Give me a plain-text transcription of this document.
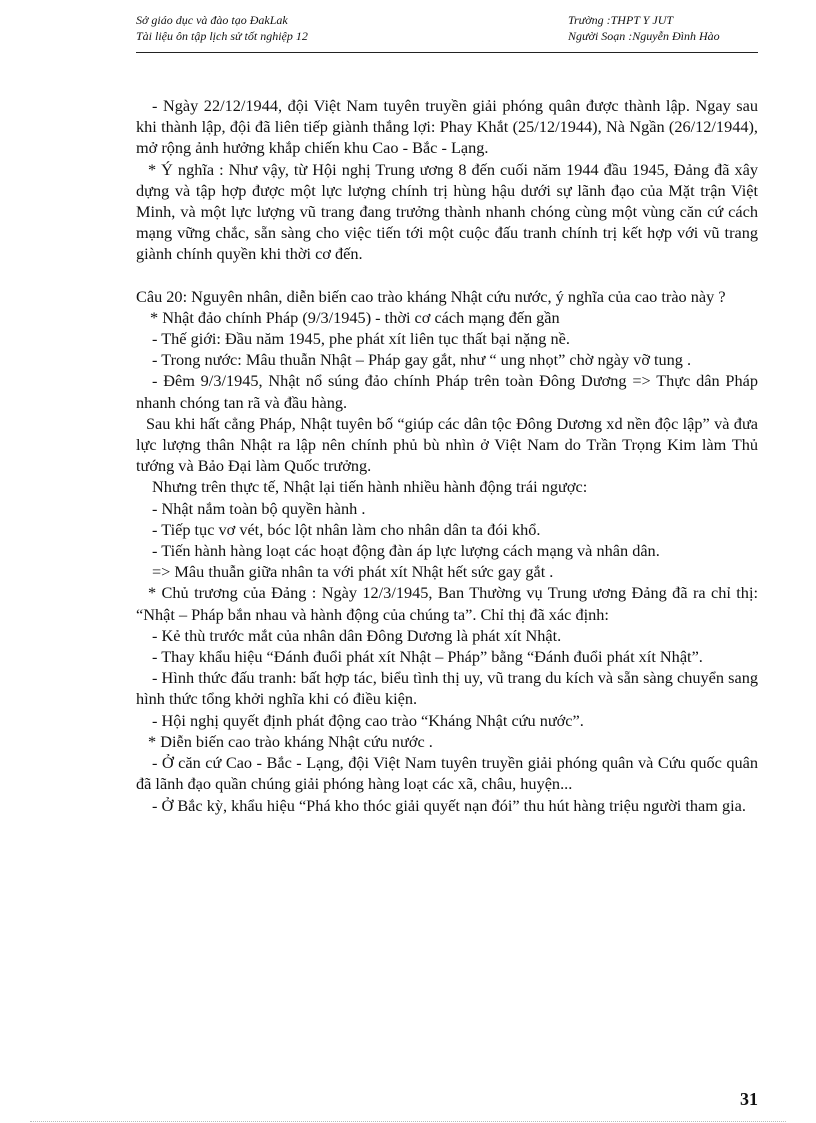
Sở giáo dục và đào tạo ĐakLak
Tài liệu ôn tập lịch sử tốt nghiệp 12
Trường :THPT Y JUT
Người Soạn :Nguyễn Đình Hào

- Ngày 22/12/1944, đội Việt Nam tuyên truyền giải phóng quân được thành lập. Ngay sau khi thành lập, đội đã liên tiếp giành thắng lợi: Phay Khắt (25/12/1944), Nà Ngần (26/12/1944), mở rộng ảnh hưởng khắp chiến khu Cao - Bắc - Lạng.

* Ý nghĩa : Như vậy, từ Hội nghị Trung ương 8 đến cuối năm 1944 đầu 1945, Đảng đã xây dựng và tập hợp được một lực lượng chính trị hùng hậu dưới sự lãnh đạo của Mặt trận Việt Minh, và một lực lượng vũ trang đang trưởng thành nhanh chóng cùng một vùng căn cứ cách mạng vững chắc, sẵn sàng cho việc tiến tới một cuộc đấu tranh chính trị kết hợp với vũ trang giành chính quyền khi thời cơ đến.

Câu 20: Nguyên nhân, diễn biến cao trào kháng Nhật cứu nước, ý nghĩa của cao trào này ?

* Nhật đảo chính Pháp (9/3/1945) - thời cơ cách mạng đến gần

- Thế giới: Đầu năm 1945, phe phát xít liên tục thất bại nặng nề.

- Trong nước: Mâu thuẫn Nhật – Pháp gay gắt, như “ ung nhọt” chờ ngày vỡ tung .

- Đêm 9/3/1945, Nhật nổ súng đảo chính Pháp trên toàn Đông Dương => Thực dân Pháp nhanh chóng tan rã và đầu hàng.

Sau khi hất cẳng Pháp, Nhật tuyên bố “giúp các dân tộc Đông Dương xd nền độc lập” và đưa lực lượng thân Nhật ra lập nên chính phủ bù nhìn ở Việt Nam do Trần Trọng Kim làm Thủ tướng và Bảo Đại làm Quốc trưởng.

Nhưng trên thực tế, Nhật lại tiến hành nhiều hành động trái ngược:

- Nhật nắm toàn bộ quyền hành .

- Tiếp tục vơ vét, bóc lột nhân làm cho nhân dân ta đói khổ.

- Tiến hành hàng loạt các hoạt động đàn áp lực lượng cách mạng và nhân dân.

=> Mâu thuẫn giữa nhân ta với phát xít Nhật hết sức gay gắt .

* Chủ trương của Đảng : Ngày 12/3/1945, Ban Thường vụ Trung ương Đảng đã ra chỉ thị: “Nhật – Pháp bắn nhau và hành động của chúng ta”. Chỉ thị đã xác định:

- Kẻ thù trước mắt của nhân dân Đông Dương là phát xít Nhật.

- Thay khẩu hiệu “Đánh đuổi phát xít Nhật – Pháp” bằng “Đánh đuổi phát xít Nhật”.

- Hình thức đấu tranh: bất hợp tác, biểu tình thị uy, vũ trang du kích và sẵn sàng chuyển sang hình thức tổng khởi nghĩa khi có điều kiện.

- Hội nghị quyết định phát động cao trào “Kháng Nhật cứu nước”.

* Diễn biến cao trào kháng Nhật cứu nước .

- Ở căn cứ Cao - Bắc - Lạng, đội Việt Nam tuyên truyền giải phóng quân và Cứu quốc quân đã lãnh đạo quần chúng giải phóng hàng loạt các xã, châu, huyện...

- Ở Bắc kỳ, khẩu hiệu “Phá kho thóc giải quyết nạn đói” thu hút hàng triệu người tham gia.

31
